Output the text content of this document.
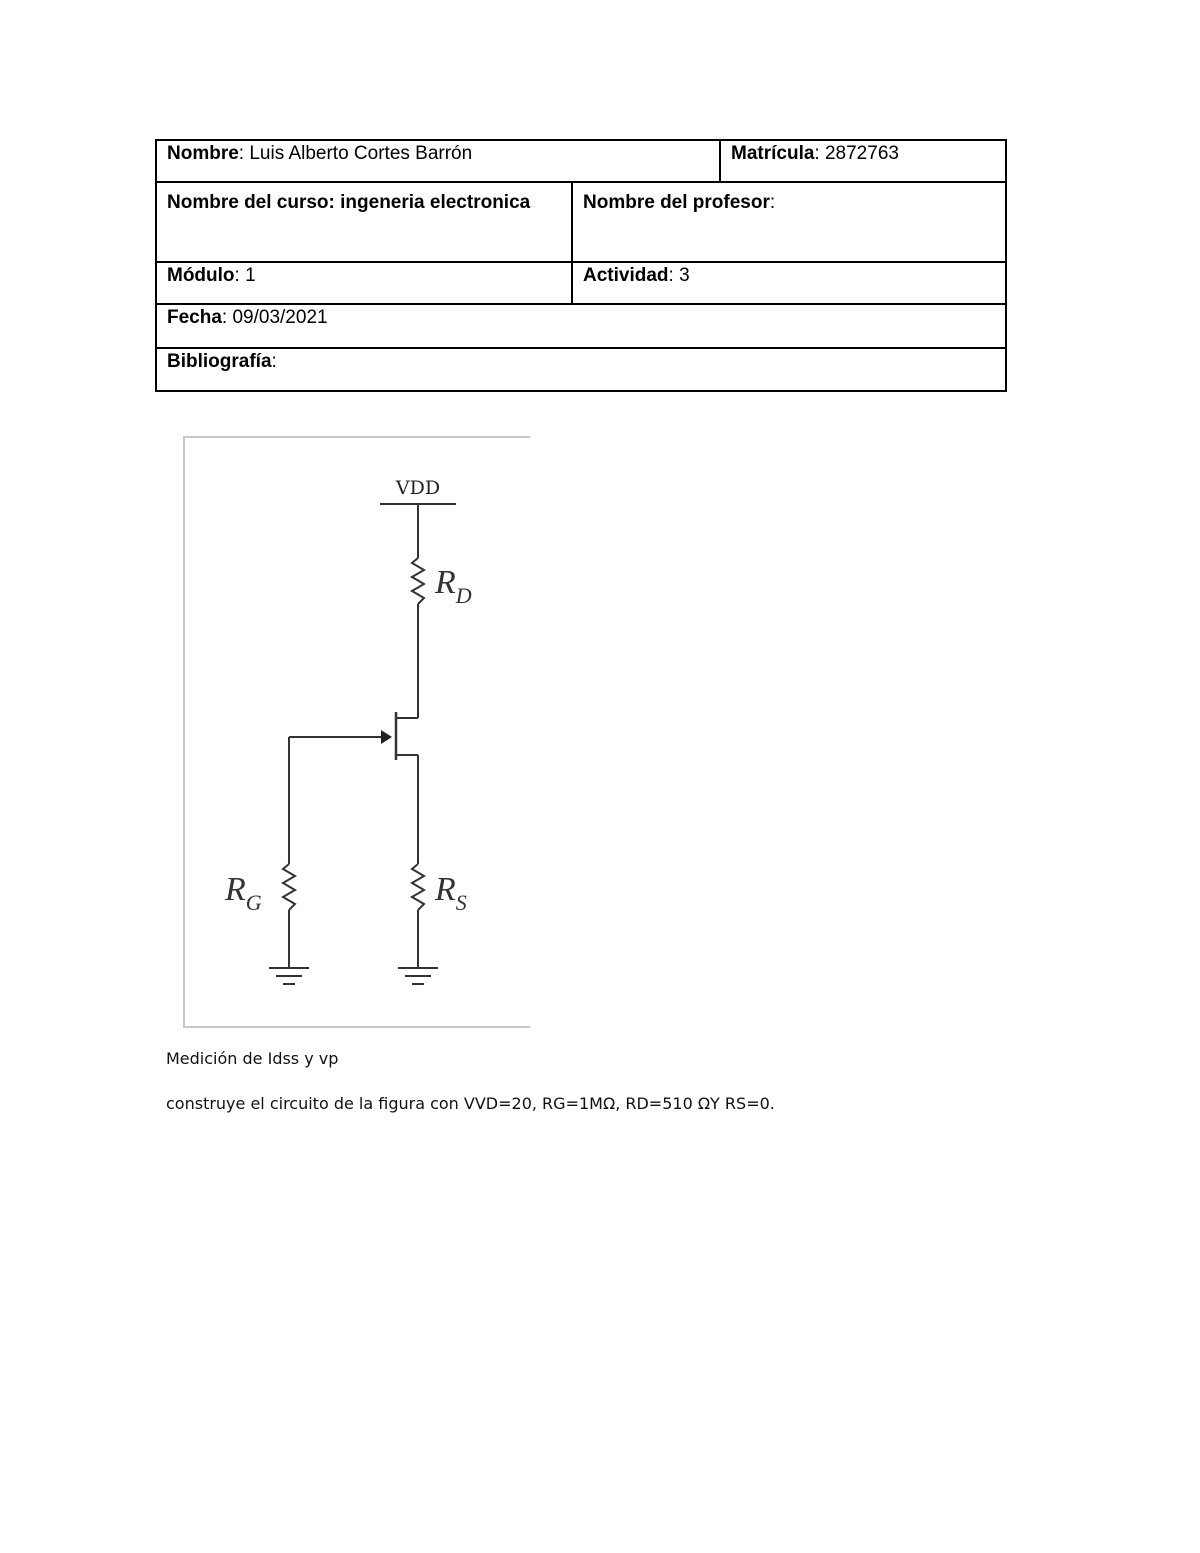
Nombre: Luis Alberto Cortes Barrón		Matrícula: 2872763
Nombre del curso: ingeneria electronica	Nombre del profesor:	
Módulo: 1	Actividad: 3	
Fecha: 09/03/2021		
Bibliografía:		
VDD
$R_D$
$R_G$	$R_S$
Medición de Idss y vp
construye el circuito de la figura con VVD=20, RG=1MΩ, RD=510 ΩY RS=0.
